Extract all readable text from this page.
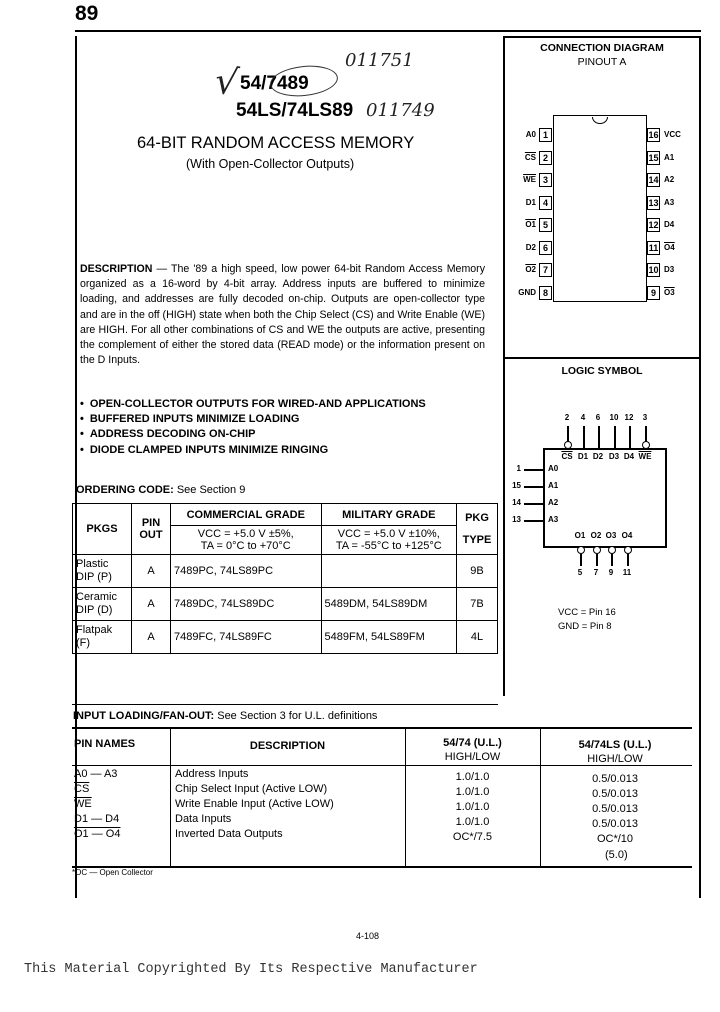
89
√ 54/7489
011751
54LS/74LS89 011749
64-BIT RANDOM ACCESS MEMORY
(With Open-Collector Outputs)
CONNECTION DIAGRAM
PINOUT A
1
A0
2
$\overline{CS}$
3
$\overline{WE}$
4
D1
5
O1
6
D2
7
O2
8
GND
16 VCC
15 A1
14 A2
13 A3
12 D4
11 O4
10 D3
9	O3
DESCRIPTION — The '89 a high speed, low power 64-bit Random Access Memory organized as a 16-word by 4-bit array. Address inputs are buffered to minimize loading, and addresses are fully decoded on-chip. Outputs are open-collector type and are in the off (HIGH) state when both the Chip Select (CS) and Write Enable (WE) are HIGH. For all other combinations of CS and WE the outputs are active, presenting the complement of either the stored data (READ mode) or the information present on the D Inputs.
• OPEN-COLLECTOR OUTPUTS FOR WIRED-AND APPLICATIONS
• BUFFERED INPUTS MINIMIZE LOADING
• ADDRESS DECODING ON-CHIP
• DIODE CLAMPED INPUTS MINIMIZE RINGING
LOGIC SYMBOL
2
$\overline{CS}$
4
D1
6
D2
10
D3
12
D4
3
$\overline{WE}$
1	A0
15	A1
14	A2
13	A3
O1
5
O2
7
O3
9
O4
11
VCC = Pin 16
GND = Pin 8
ORDERING CODE: See Section 9
PKGS	PIN
OUT	COMMERCIAL GRADE	MILITARY GRADE	PKG
TYPE
		VCC = +5.0 V ±5%,
TA = 0°C to +70°C	VCC = +5.0 V ±10%,
TA = -55°C to +125°C	
Plastic
DIP (P)	A	7489PC, 74LS89PC		9B
Ceramic
DIP (D)	A	7489DC, 74LS89DC	5489DM, 54LS89DM	7B
Flatpak
(F)	A	7489FC, 74LS89FC	5489FM, 54LS89FM	4L
INPUT LOADING/FAN-OUT: See Section 3 for U.L. definitions
PIN NAMES	DESCRIPTION	54/74 (U.L.)
HIGH/LOW
54/74LS (U.L.)
HIGH/LOW
A0 — A3	Address Inputs	1.0/1.0	0.5/0.013
$\overline{CS}$	Chip Select Input (Active LOW)	1.0/1.0	0.5/0.013
$\overline{WE}$	Write Enable Input (Active LOW)	1.0/1.0	0.5/0.013
D1 — D4	Data Inputs	1.0/1.0	0.5/0.013
O1 — O4	Inverted Data Outputs	OC*/7.5	OC*/10
(5.0)
*OC — Open Collector
4-108
This Material Copyrighted By Its Respective Manufacturer
